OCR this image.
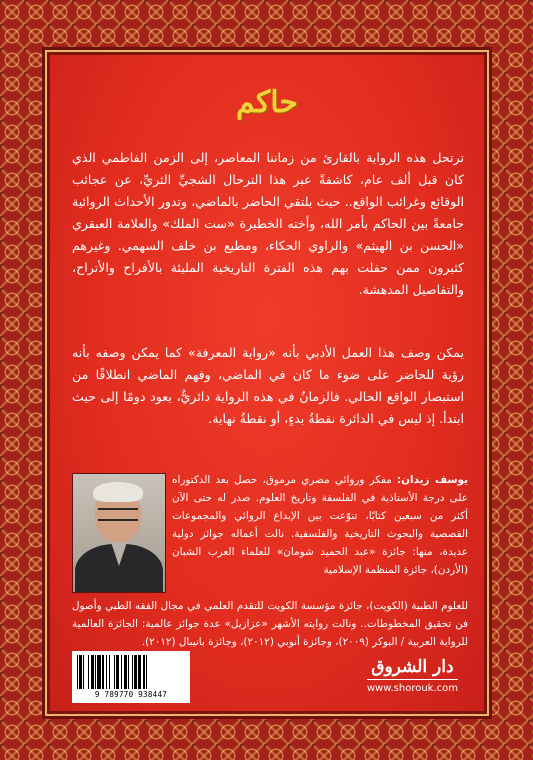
حاكم

ترتحل هذه الرواية بالقارئ من زماننا المعاصر، إلى الزمن الفاطمي الذي كان قبل ألف عام، كاشفةً عبر هذا الترحال الشجيِّ الثريِّ، عن عجائب الوقائع وغرائب الواقع.. حيث يلتقي الحاضر بالماضي، وتدور الأحداث الروائية جامعةً بين الحاكم بأمر الله، وأخته الخطيرة «ست الملك» والعلامة العبقري «الحسن بن الهيثم» والراوي الحكاء، ومطيع بن خلف السهمي. وغيرهم كثيرون ممن حفلت بهم هذه الفترة التاريخية المليئة بالأفراح والأتراح، والتفاصيل المدهشة.

يمكن وصف هذا العمل الأدبي بأنه «رواية المعرفة» كما يمكن وصفه بأنه رؤية للحاضر على ضوء ما كان في الماضي، وفهم الماضي انطلاقًا من استبصار الواقع الحالي. فالزمانُ في هذه الرواية دائريٌّ، يعود دومًا إلى حيث ابتدأ. إذ ليس في الدائرة نقطةُ بدءٍ، أو نقطةُ نهاية.

يوسف زيدان: مفكر وروائي مصري مرموق، حصل بعد الدكتوراه على درجة الأستاذية في الفلسفة وتاريخ العلوم. صدر له حتى الآن أكثر من سبعين كتابًا، تنوّعت بين الإبداع الروائي والمجموعات القصصية والبحوث التاريخية والفلسفية. نالت أعماله جوائز دولية عديدة، منها: جائزة «عبد الحميد شومان» للعلماء العرب الشبان (الأردن)، جائزة المنظمة الإسلامية
للعلوم الطبية (الكويت)، جائزة مؤسسة الكويت للتقدم العلمي في مجال الفقه الطبي وأصول فن تحقيق المخطوطات.. ونالت روايته الأشهر «عزازيل» عدة جوائز عالمية: الجائزة العالمية للرواية العربية / البوكر (٢٠٠٩)، وجائزة أنوبي (٢٠١٢)، وجائزة بانيبال (٢٠١٢).
9 789770 938447
دار الشروق
www.shorouk.com
